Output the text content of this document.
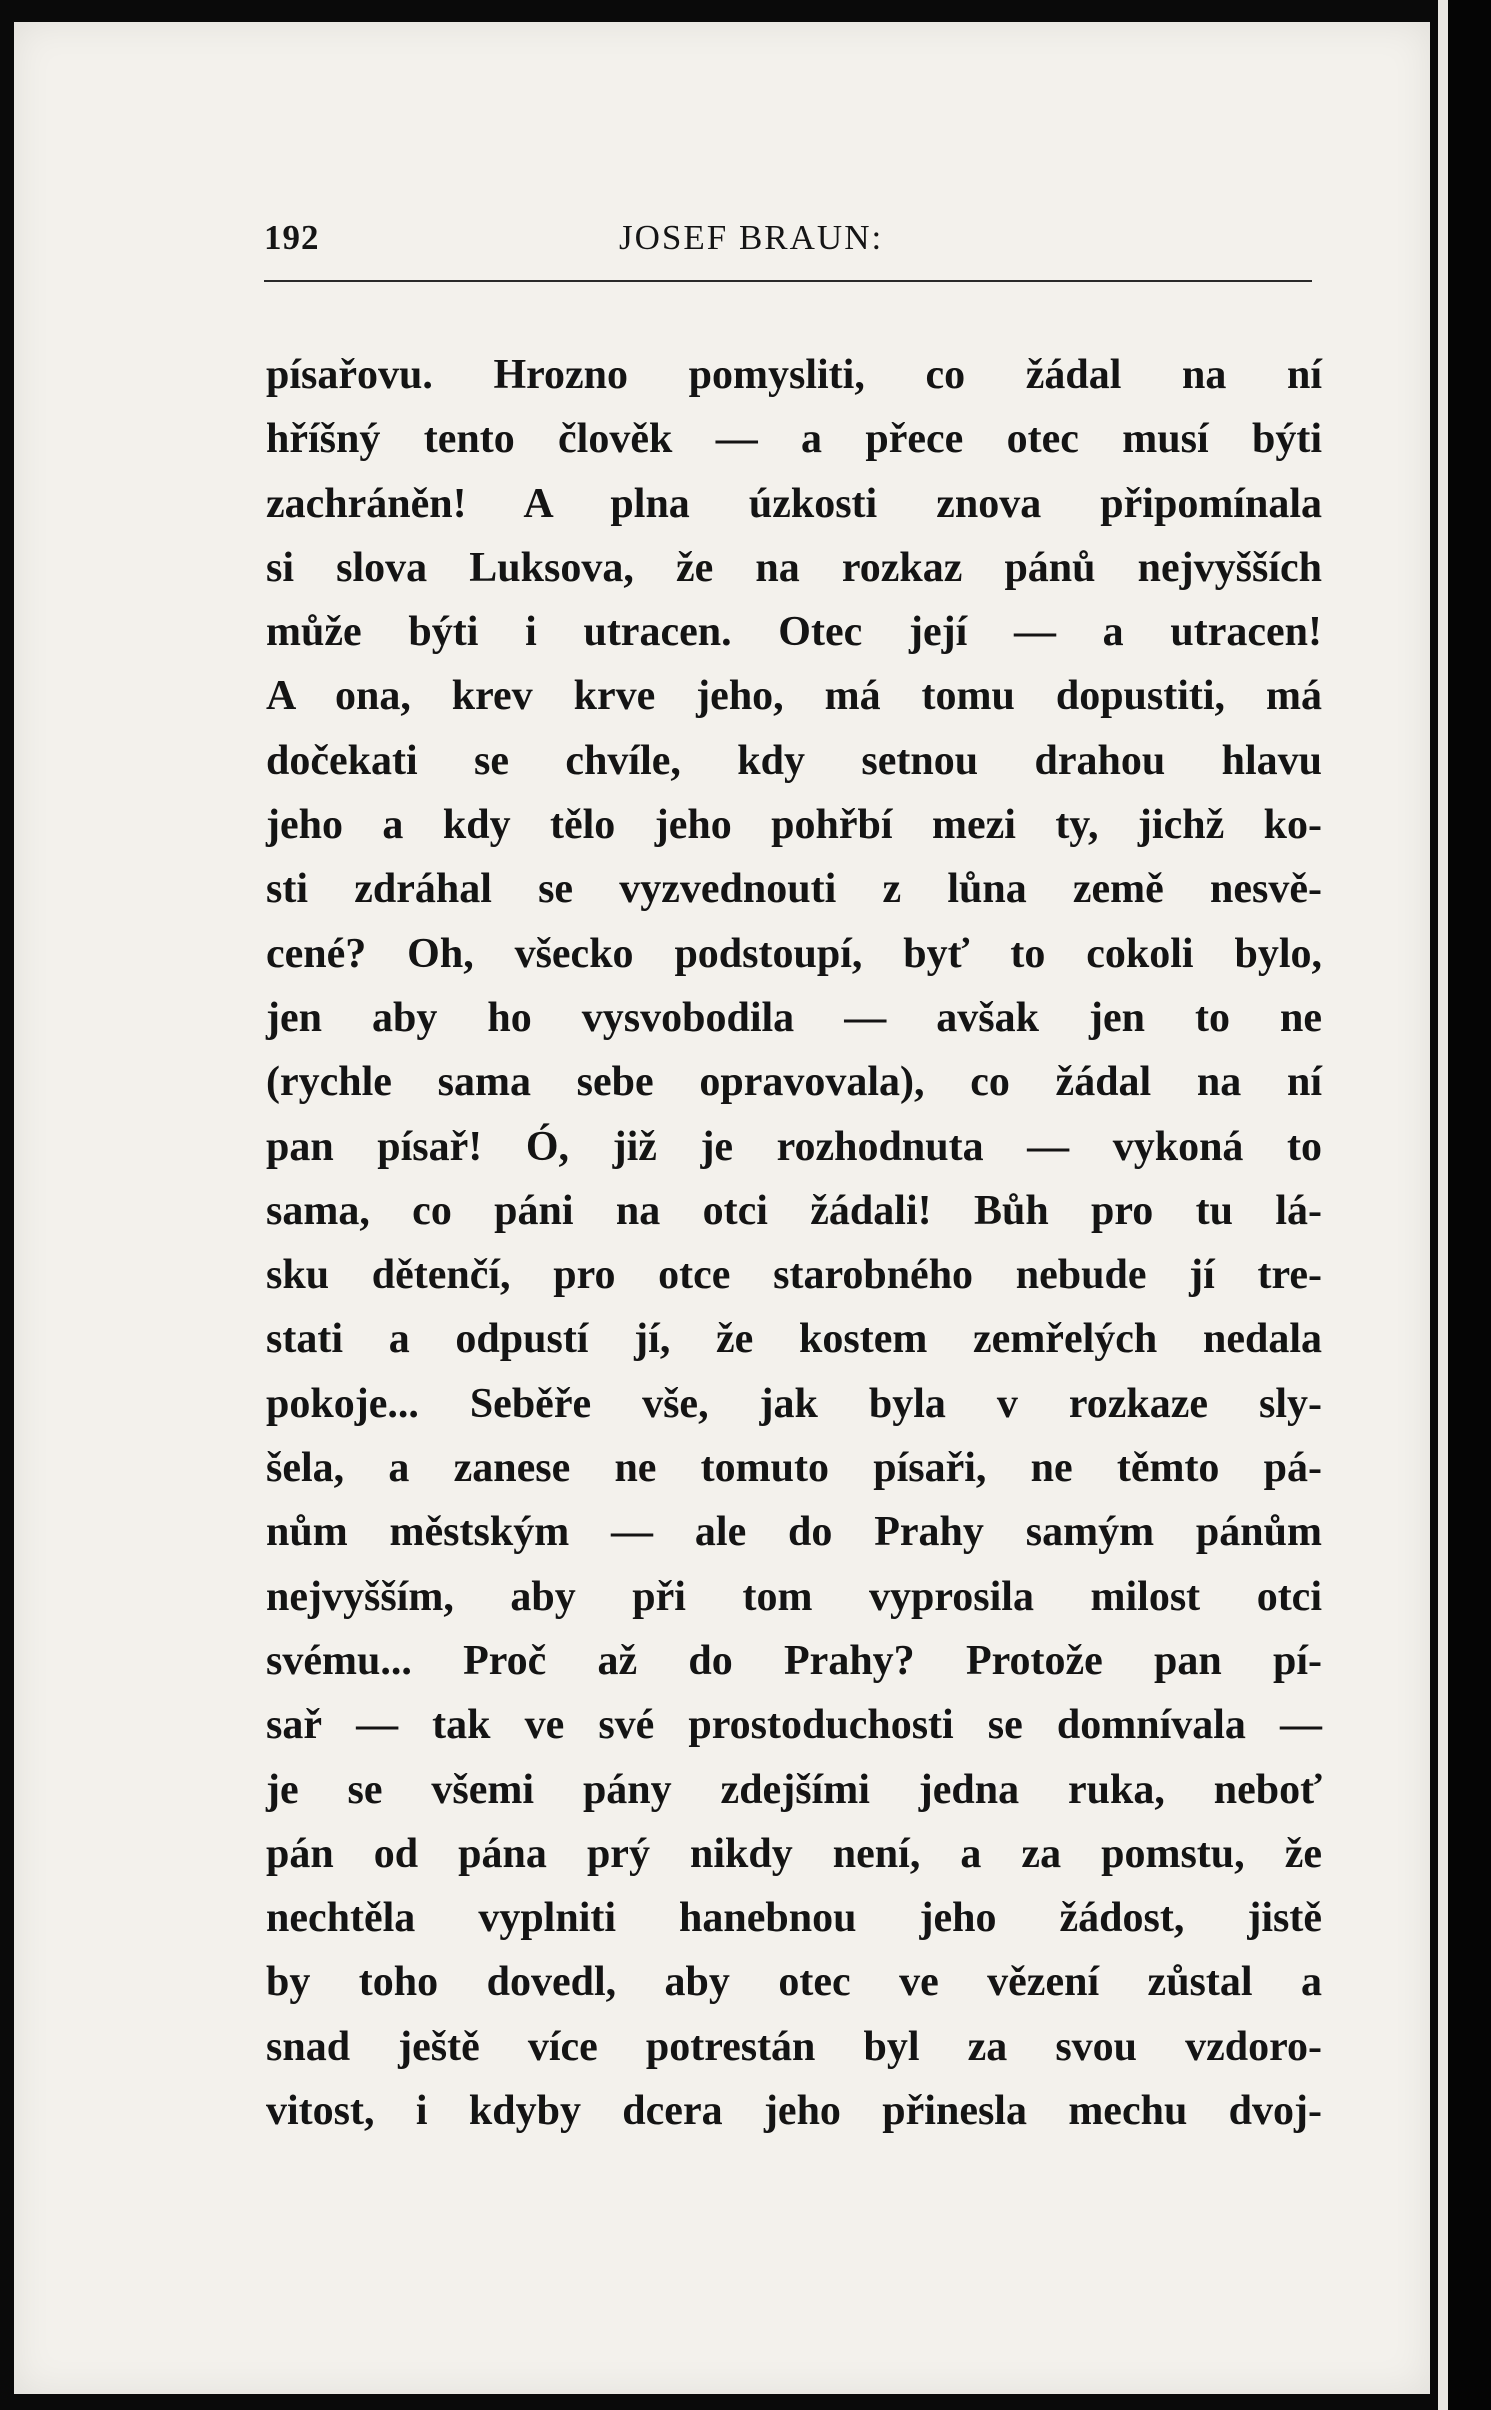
192	JOSEF BRAUN:
písařovu. Hrozno pomysliti, co žádal na ní
hříšný tento člověk — a přece otec musí býti
zachráněn! A plna úzkosti znova připomínala
si slova Luksova, že na rozkaz pánů nejvyšších
může býti i utracen. Otec její — a utracen!
A ona, krev krve jeho, má tomu dopustiti, má
dočekati se chvíle, kdy setnou drahou hlavu
jeho a kdy tělo jeho pohřbí mezi ty, jichž ko-
sti zdráhal se vyzvednouti z lůna země nesvě-
cené? Oh, všecko podstoupí, byť to cokoli bylo,
jen aby ho vysvobodila — avšak jen to ne
(rychle sama sebe opravovala), co žádal na ní
pan písař! Ó, již je rozhodnuta — vykoná to
sama, co páni na otci žádali! Bůh pro tu lá-
sku dětenčí, pro otce starobného nebude jí tre-
stati a odpustí jí, že kostem zemřelých nedala
pokoje... Seběře vše, jak byla v rozkaze sly-
šela, a zanese ne tomuto písaři, ne těmto pá-
nům městským — ale do Prahy samým pánům
nejvyšším, aby při tom vyprosila milost otci
svému... Proč až do Prahy? Protože pan pí-
sař — tak ve své prostoduchosti se domnívala —
je se všemi pány zdejšími jedna ruka, neboť
pán od pána prý nikdy není, a za pomstu, že
nechtěla vyplniti hanebnou jeho žádost, jistě
by toho dovedl, aby otec ve vězení zůstal a
snad ještě více potrestán byl za svou vzdoro-
vitost, i kdyby dcera jeho přinesla mechu dvoj-
